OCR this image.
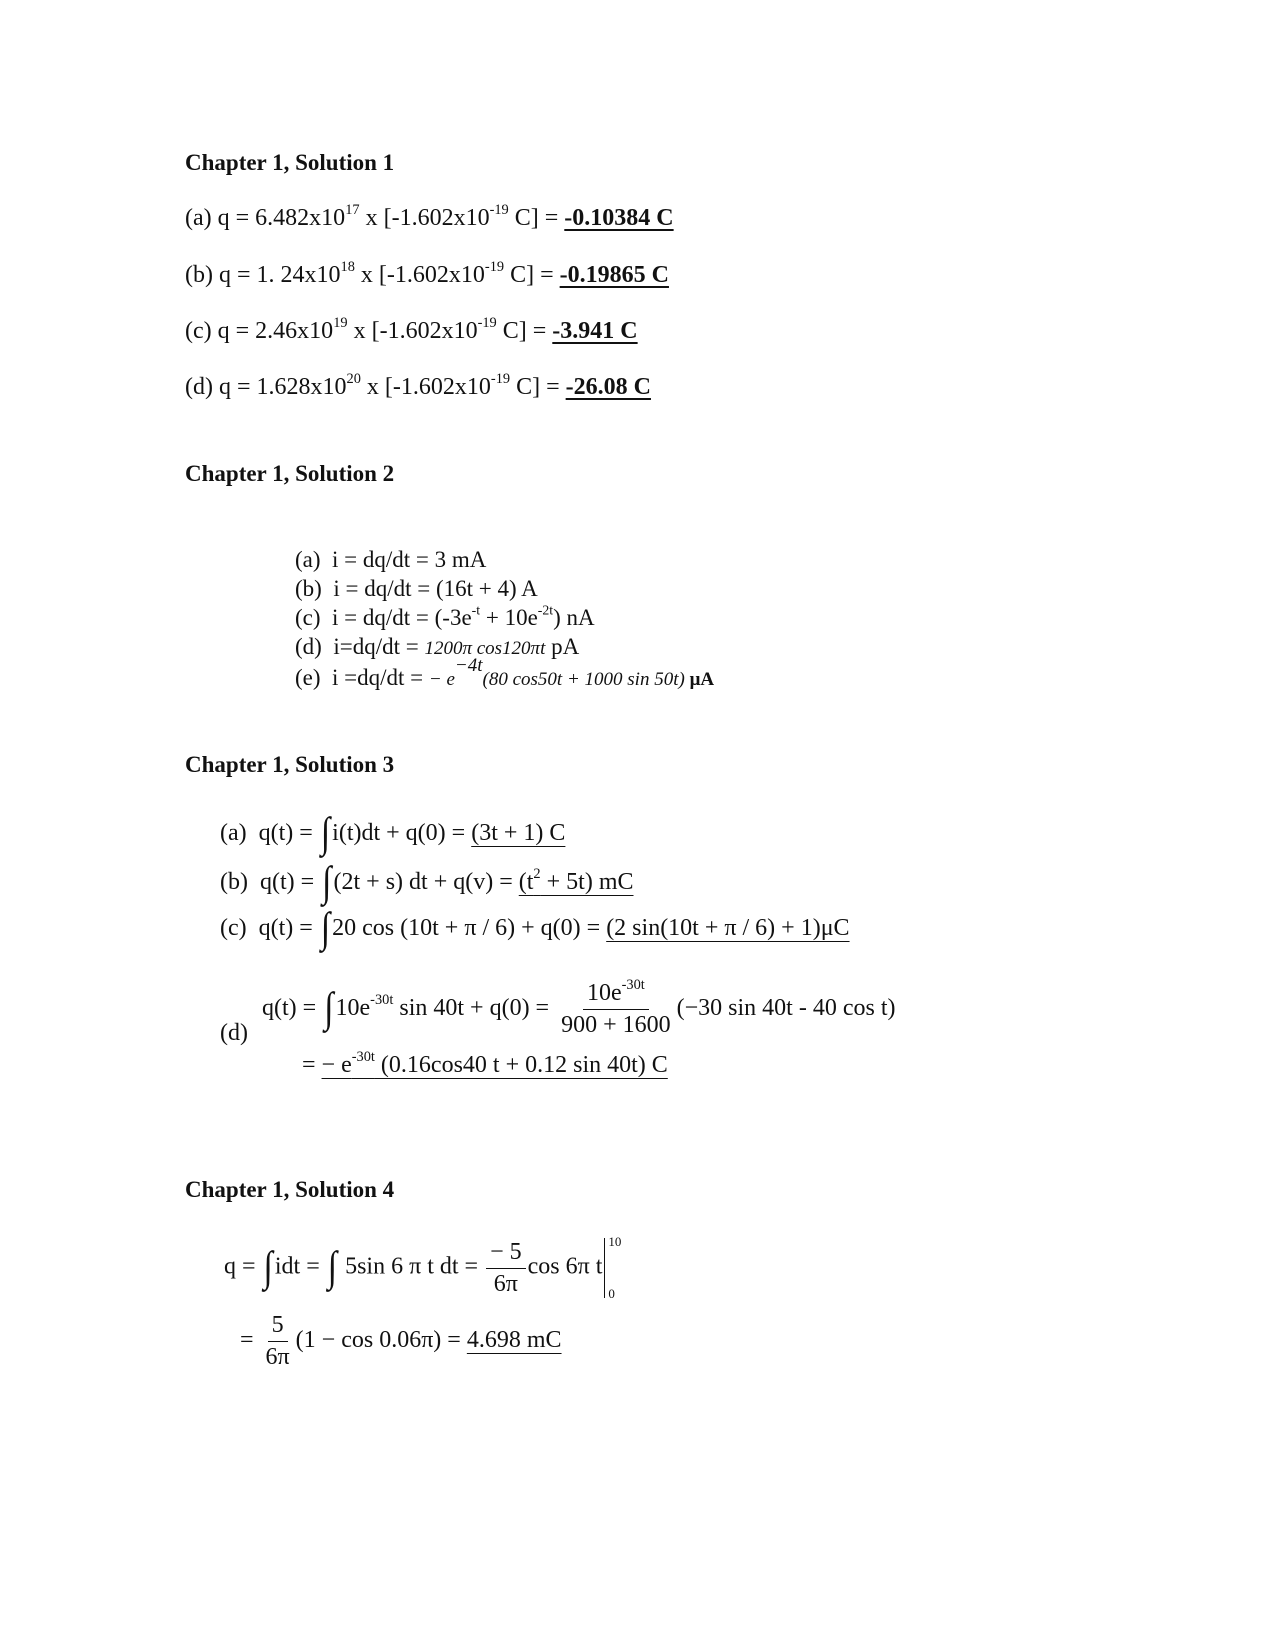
Chapter 1, Solution 1
(a) $q = 6.482x10^{17}$ x [$-1.602x10^{-19}$ C] = -0.10384 C
(b) q = 1. $24x10^{18}$ x [$-1.602x10^{-19}$ C] = -0.19865 C
(c) $q = 2.46x10^{19}$ x [$-1.602x10^{-19}$ C] = -3.941 C
(d) $q = 1.628x10^{20}$ x [$-1.602x10^{-19}$ C] = -26.08 C
Chapter 1, Solution 2
(a) i = dq/dt = 3 mA
(b) i = dq/dt = (16t + 4) A
(c) $i = dq/dt = (-3e^{-t} + 10e^{-2t})$ nA
(d) i=dq/dt = 1200π cos120πt pA
(e) i =dq/dt = − $e^{-4t}(80$ cos50t + 1000 sin 50t) μA
Chapter 1, Solution 3
(a) q(t) = ∫i(t)dt + q(0) = (3t + 1) C
(b) q(t) = ∫(2t + s) dt + $q(v) = (t^2 + 5t)$ mC
(c) q(t) = ∫20 cos (10t + π / 6) + q(0) = (2 sin(10t + π / 6) + 1)μC
(d)
$q(t) = \int 10e^{-30t}$ $\sin 40t + q(0) = \frac{10e^{-30t}}{900 + 1600} (-30$ sin 40t - 40 cos t)
= − $e^{-30t}$ (0.16cos40 t + 0.12 sin 40t) C
Chapter 1, Solution 4
q = ∫idt = ∫ 5sin 6 π t dt = $\frac{- 5}{6\pi}$ cos 6π t
10
0
= $\frac{5}{6\pi} (1 - \cos 0.06\pi) = 4.698$ mC
